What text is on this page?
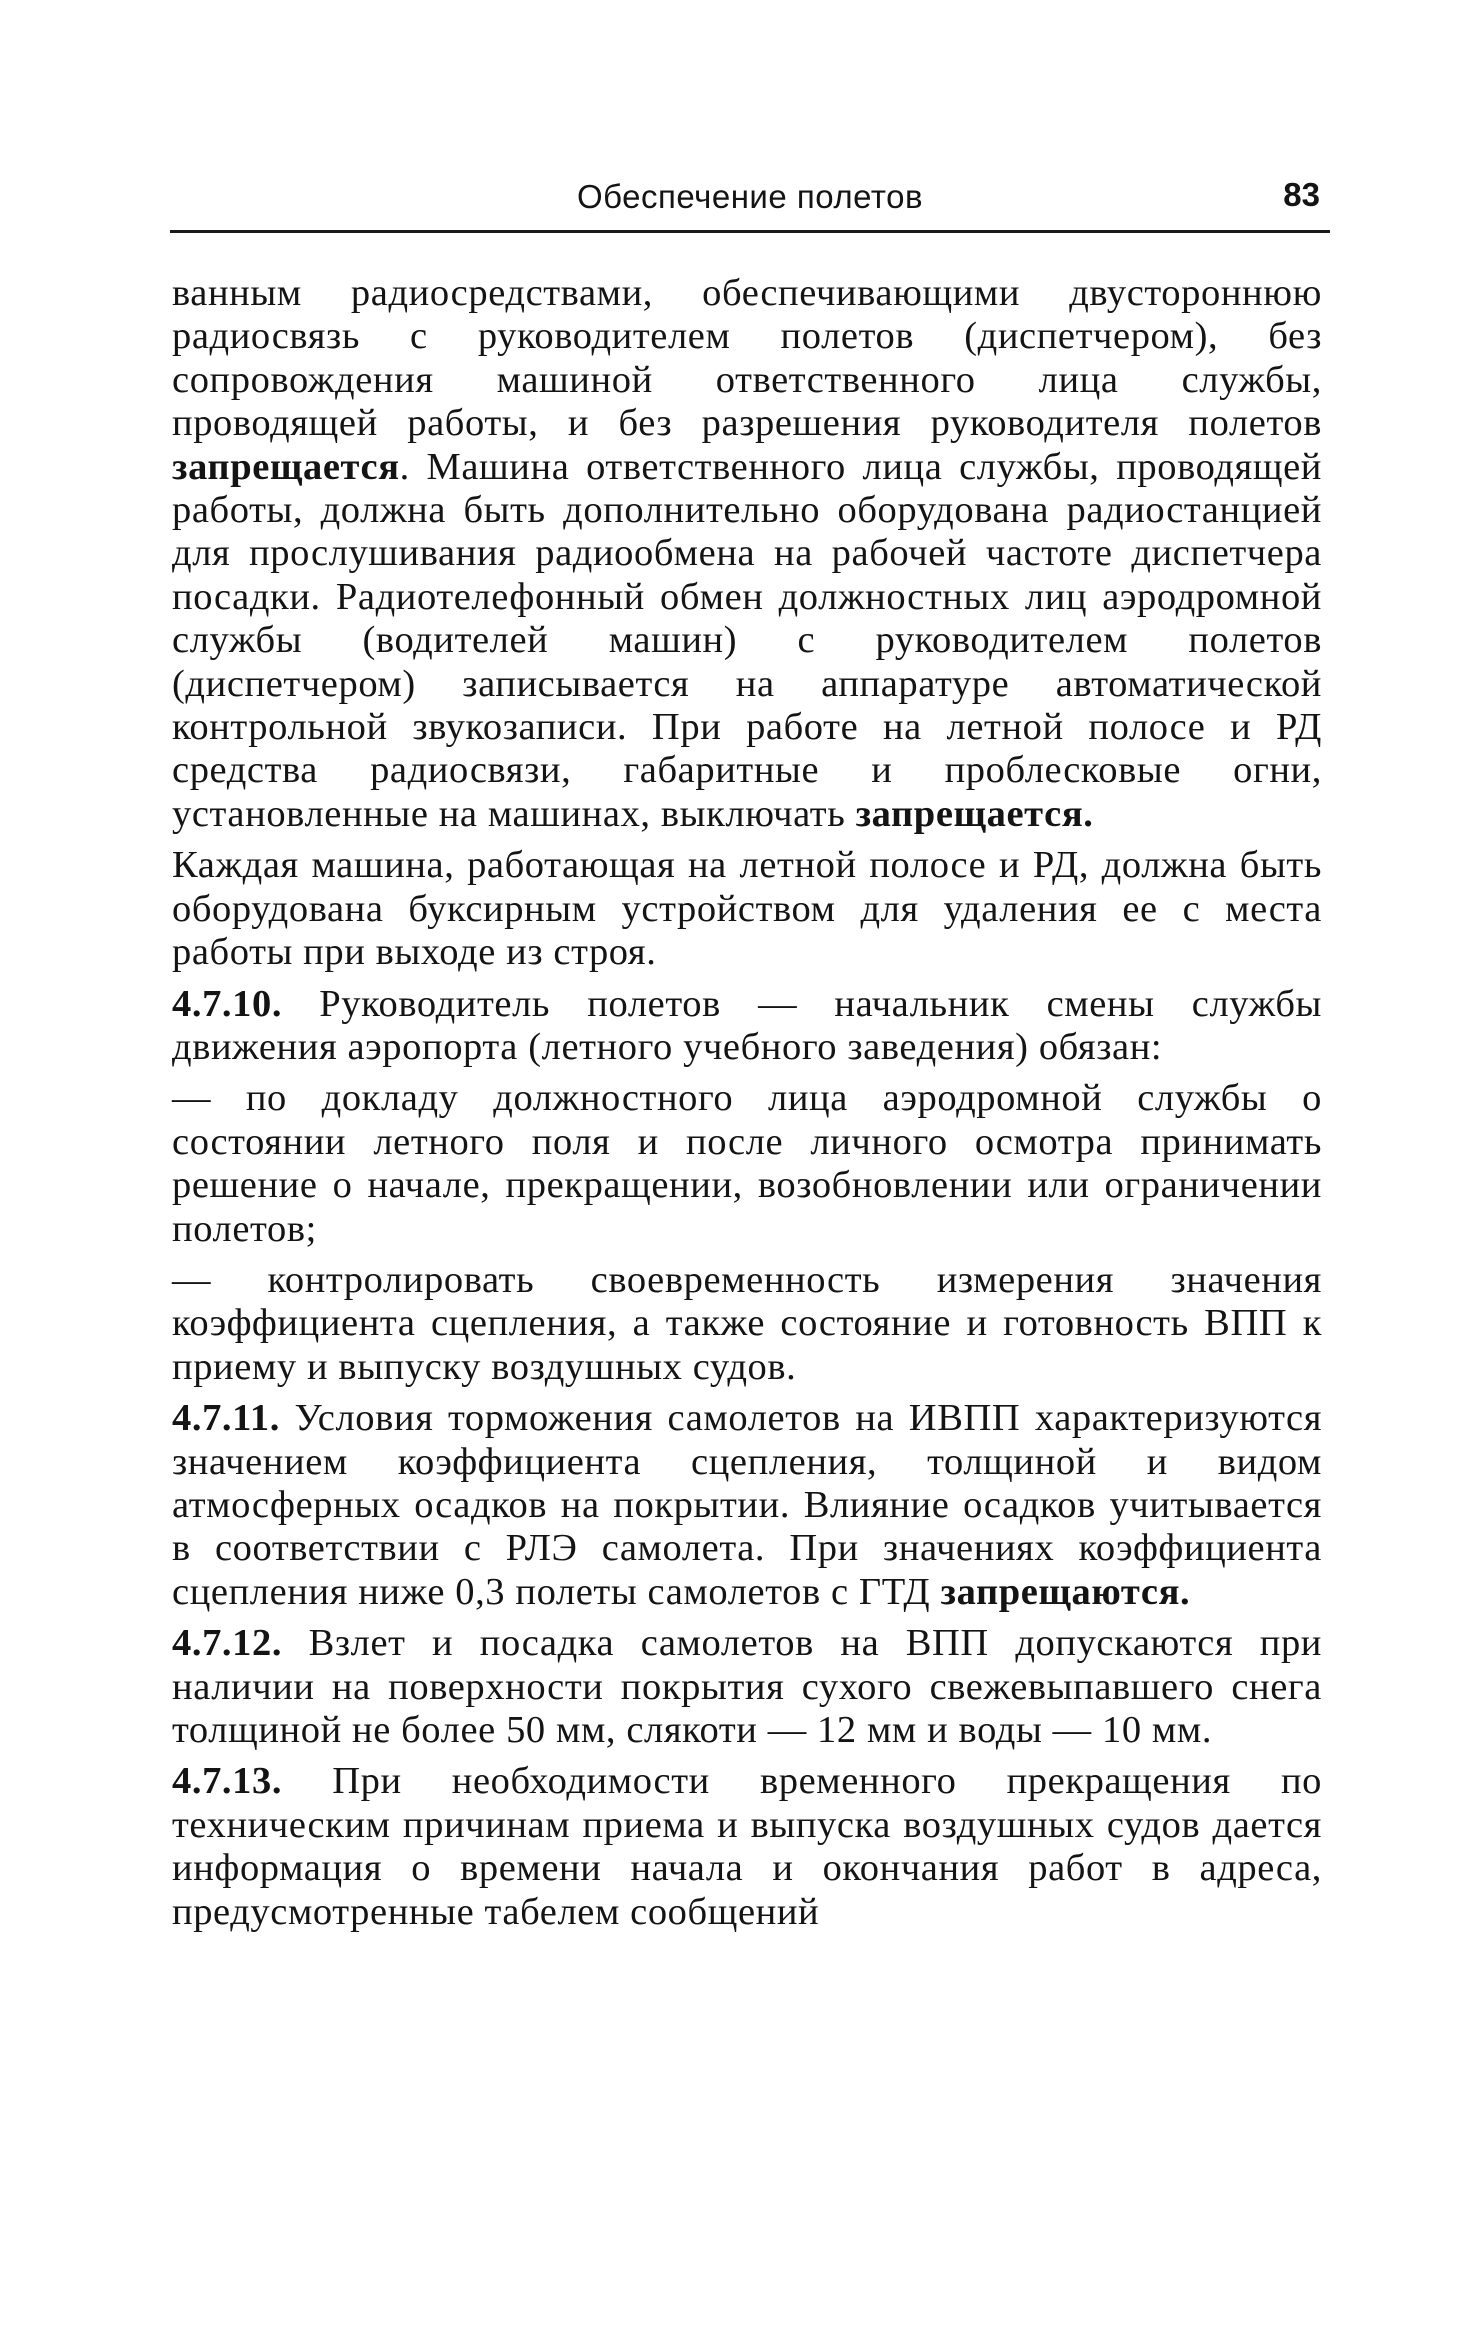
Обеспечение полетов	83

ванным радиосредствами, обеспечивающими двустороннюю радиосвязь с руководителем полетов (диспетчером), без сопровождения машиной ответственного лица службы, проводящей работы, и без разрешения руководителя полетов запрещается. Машина ответственного лица службы, проводящей работы, должна быть дополнительно оборудована радиостанцией для прослушивания радиообмена на рабочей частоте диспетчера посадки. Радиотелефонный обмен должностных лиц аэродромной службы (водителей машин) с руководителем полетов (диспетчером) записывается на аппаратуре автоматической контрольной звукозаписи. При работе на летной полосе и РД средства радиосвязи, габаритные и проблесковые огни, установленные на машинах, выключать запрещается.

Каждая машина, работающая на летной полосе и РД, должна быть оборудована буксирным устройством для удаления ее с места работы при выходе из строя.

4.7.10. Руководитель полетов — начальник смены службы движения аэропорта (летного учебного заведения) обязан:

— по докладу должностного лица аэродромной службы о состоянии летного поля и после личного осмотра принимать решение о начале, прекращении, возобновлении или ограничении полетов;

— контролировать своевременность измерения значения коэффициента сцепления, а также состояние и готовность ВПП к приему и выпуску воздушных судов.

4.7.11. Условия торможения самолетов на ИВПП характеризуются значением коэффициента сцепления, толщиной и видом атмосферных осадков на покрытии. Влияние осадков учитывается в соответствии с РЛЭ самолета. При значениях коэффициента сцепления ниже 0,3 полеты самолетов с ГТД запрещаются.

4.7.12. Взлет и посадка самолетов на ВПП допускаются при наличии на поверхности покрытия сухого свежевыпавшего снега толщиной не более 50 мм, слякоти — 12 мм и воды — 10 мм.

4.7.13. При необходимости временного прекращения по техническим причинам приема и выпуска воздушных судов дается информация о времени начала и окончания работ в адреса, предусмотренные табелем сообщений
